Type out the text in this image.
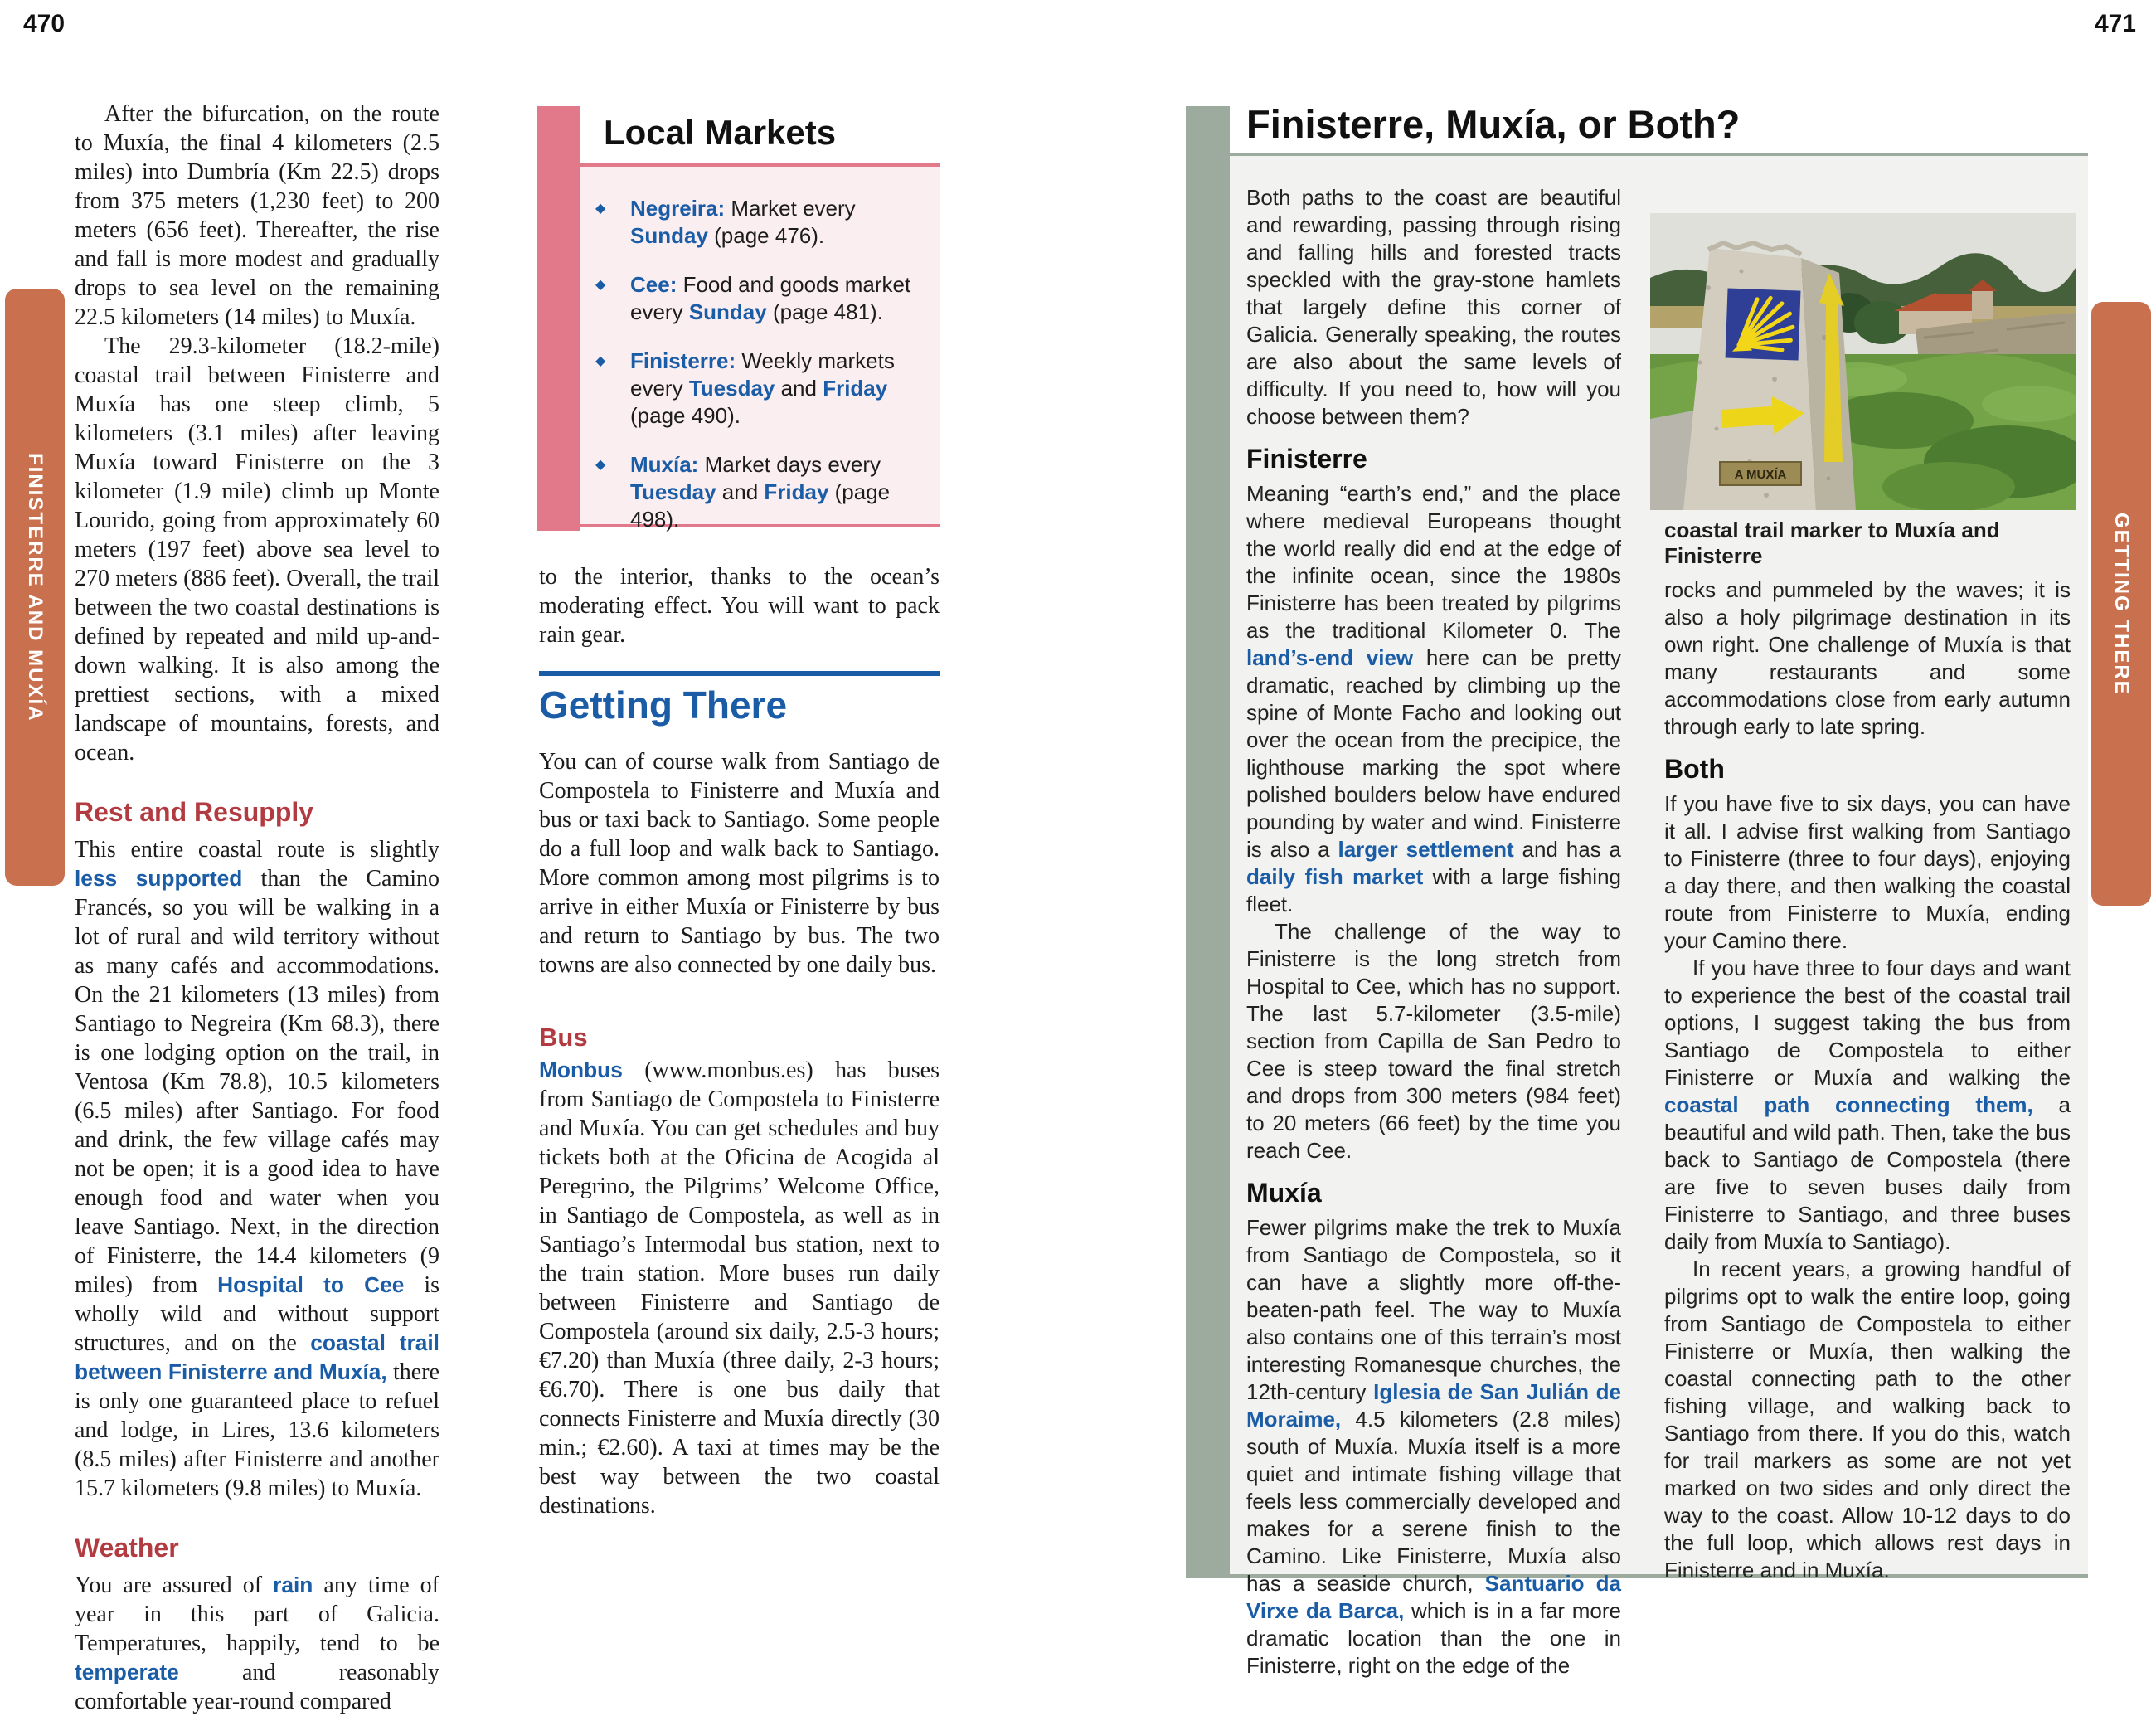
470
FINISTERRE AND MUXÍA

After the bifurcation, on the route to Muxía, the final 4 kilometers (2.5 miles) into Dumbría (Km 22.5) drops from 375 meters (1,230 feet) to 200 meters (656 feet). Thereafter, the rise and fall is more modest and gradually drops to sea level on the remaining 22.5 kilometers (14 miles) to Muxía.

The 29.3-kilometer (18.2-mile) coastal trail between Finisterre and Muxía has one steep climb, 5 kilometers (3.1 miles) after leaving Muxía toward Finisterre on the 3 kilometer (1.9 mile) climb up Monte Lourido, going from approximately 60 meters (197 feet) above sea level to 270 meters (886 feet). Overall, the trail between the two coastal destinations is defined by repeated and mild up-and-down walking. It is also among the prettiest sections, with a mixed landscape of mountains, forests, and ocean.

Rest and Resupply

This entire coastal route is slightly less supported than the Camino Francés, so you will be walking in a lot of rural and wild territory without as many cafés and accommodations. On the 21 kilometers (13 miles) from Santiago to Negreira (Km 68.3), there is one lodging option on the trail, in Ventosa (Km 78.8), 10.5 kilometers (6.5 miles) after Santiago. For food and drink, the few village cafés may not be open; it is a good idea to have enough food and water when you leave Santiago. Next, in the direction of Finisterre, the 14.4 kilometers (9 miles) from Hospital to Cee is wholly wild and without support structures, and on the coastal trail between Finisterre and Muxía, there is only one guaranteed place to refuel and lodge, in Lires, 13.6 kilometers (8.5 miles) after Finisterre and another 15.7 kilometers (9.8 miles) to Muxía.

Weather

You are assured of rain any time of year in this part of Galicia. Temperatures, happily, tend to be temperate and reasonably comfortable year-round compared

Local Markets
◆	Negreira: Market every Sunday (page 476).
◆	Cee: Food and goods market every Sunday (page 481).
◆	Finisterre: Weekly markets every Tuesday and Friday (page 490).
◆	Muxía: Market days every Tuesday and Friday (page 498).

to the interior, thanks to the ocean’s moderating effect. You will want to pack rain gear.

Getting There

You can of course walk from Santiago de Compostela to Finisterre and Muxía and bus or taxi back to Santiago. Some people do a full loop and walk back to Santiago. More common among most pilgrims is to arrive in either Muxía or Finisterre by bus and return to Santiago by bus. The two towns are also connected by one daily bus.

Bus

Monbus (www.monbus.es) has buses from Santiago de Compostela to Finisterre and Muxía. You can get schedules and buy tickets both at the Oficina de Acogida al Peregrino, the Pilgrims’ Welcome Office, in Santiago de Compostela, as well as in Santiago’s Intermodal bus station, next to the train station. More buses run daily between Finisterre and Santiago de Compostela (around six daily, 2.5-3 hours; €7.20) than Muxía (three daily, 2-3 hours; €6.70). There is one bus daily that connects Finisterre and Muxía directly (30 min.; €2.60). A taxi at times may be the best way between the two coastal destinations.

471
GETTING THERE
Finisterre, Muxía, or Both?
A MUXÍA
coastal trail marker to Muxía and Finisterre

Both paths to the coast are beautiful and rewarding, passing through rising and falling hills and forested tracts speckled with the gray-stone hamlets that largely define this corner of Galicia. Generally speaking, the routes are also about the same levels of difficulty. If you need to, how will you choose between them?

Finisterre

Meaning “earth’s end,” and the place where medieval Europeans thought the world really did end at the edge of the infinite ocean, since the 1980s Finisterre has been treated by pilgrims as the traditional Kilometer 0. The land’s-end view here can be pretty dramatic, reached by climbing up the spine of Monte Facho and looking out over the ocean from the precipice, the lighthouse marking the spot where polished boulders below have endured pounding by water and wind. Finisterre is also a larger settlement and has a daily fish market with a large fishing fleet.

The challenge of the way to Finisterre is the long stretch from Hospital to Cee, which has no support. The last 5.7-kilometer (3.5-mile) section from Capilla de San Pedro to Cee is steep toward the final stretch and drops from 300 meters (984 feet) to 20 meters (66 feet) by the time you reach Cee.

Muxía

Fewer pilgrims make the trek to Muxía from Santiago de Compostela, so it can have a slightly more off-the-beaten-path feel. The way to Muxía also contains one of this terrain’s most interesting Romanesque churches, the 12th-century Iglesia de San Julián de Moraime, 4.5 kilometers (2.8 miles) south of Muxía. Muxía itself is a more quiet and intimate fishing village that feels less commercially developed and makes for a serene finish to the Camino. Like Finisterre, Muxía also has a seaside church, Santuario da Virxe da Barca, which is in a far more dramatic location than the one in Finisterre, right on the edge of the

rocks and pummeled by the waves; it is also a holy pilgrimage destination in its own right. One challenge of Muxía is that many restaurants and some accommodations close from early autumn through early to late spring.

Both

If you have five to six days, you can have it all. I advise first walking from Santiago to Finisterre (three to four days), enjoying a day there, and then walking the coastal route from Finisterre to Muxía, ending your Camino there.

If you have three to four days and want to experience the best of the coastal trail options, I suggest taking the bus from Santiago de Compostela to either Finisterre or Muxía and walking the coastal path connecting them, a beautiful and wild path. Then, take the bus back to Santiago de Compostela (there are five to seven buses daily from Finisterre to Santiago, and three buses daily from Muxía to Santiago).

In recent years, a growing handful of pilgrims opt to walk the entire loop, going from Santiago de Compostela to either Finisterre or Muxía, then walking the coastal connecting path to the other fishing village, and walking back to Santiago from there. If you do this, watch for trail markers as some are not yet marked on two sides and only direct the way to the coast. Allow 10-12 days to do the full loop, which allows rest days in Finisterre and in Muxía.
